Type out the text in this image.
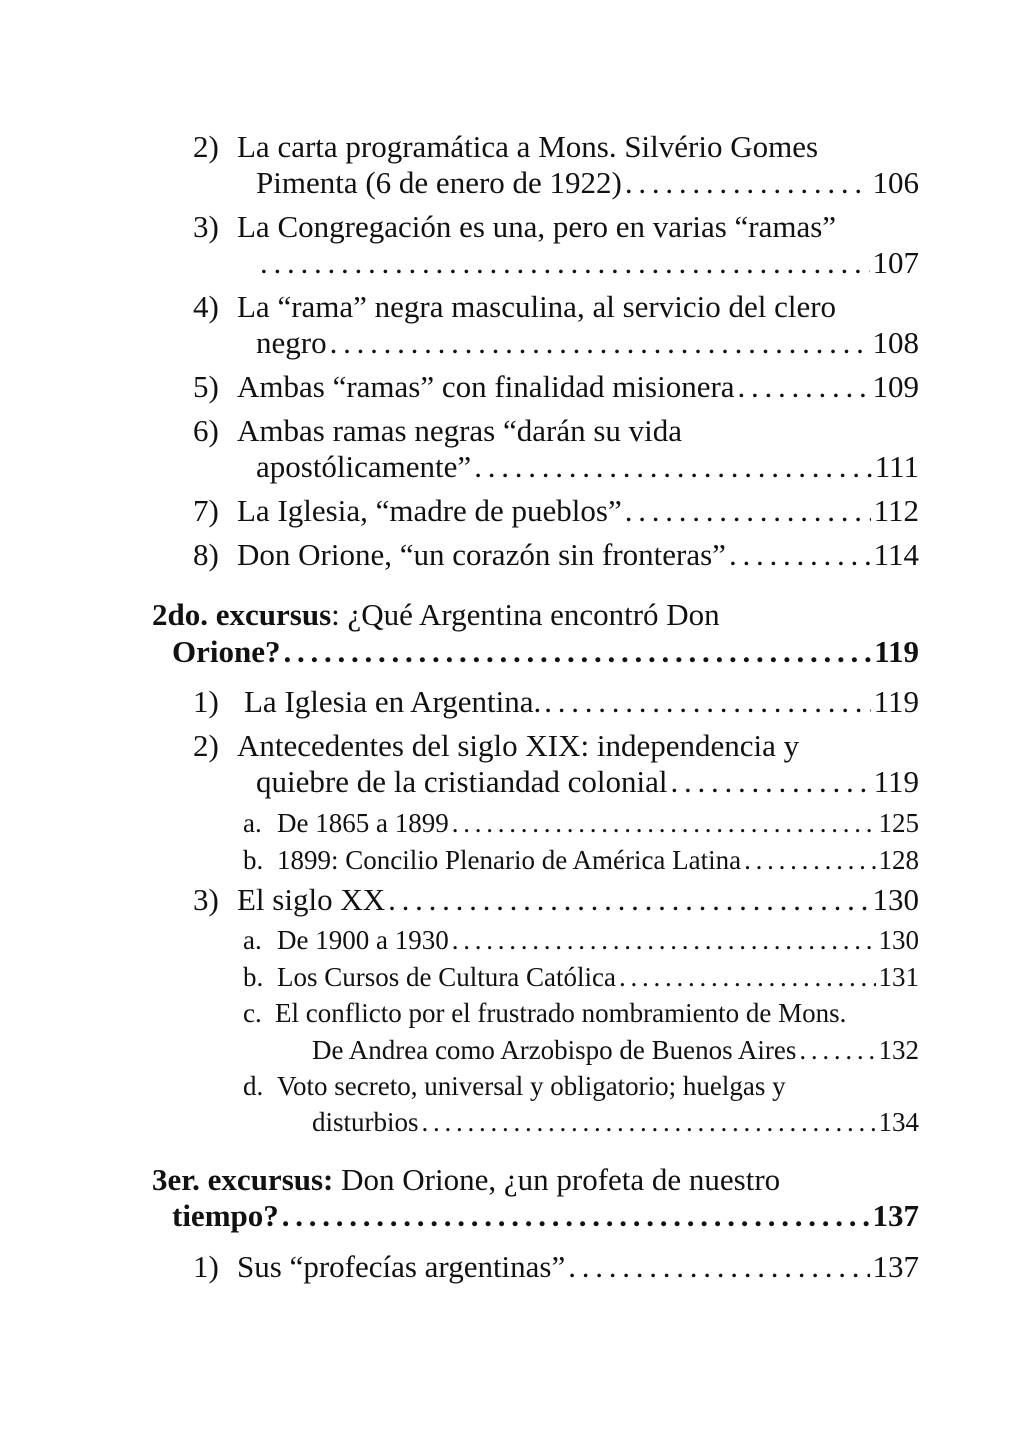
2) La carta programática a Mons. Silvério Gomes
Pimenta (6 de enero de 1922) . . .	106
3) La Congregación es una, pero en varias “ramas”
. . .
107
4) La “rama” negra masculina, al servicio del clero
negro . . .	108
5) Ambas “ramas” con finalidad misionera . . .	109
6) Ambas ramas negras “darán su vida
apostólicamente” . . .	111
7) La Iglesia, “madre de pueblos” . . .	112
8) Don Orione, “un corazón sin fronteras” . . .	114
2do. excursus : ¿Qué Argentina encontró Don
Orione? . . .	119
1) La Iglesia en Argentina. . . .	119
2) Antecedentes del siglo XIX: independencia y
quiebre de la cristiandad colonial . . .	119
a. De 1865 a 1899 . . .	125
b. 1899: Concilio Plenario de América Latina . . .	128
3) El siglo XX . . .	130
a. De 1900 a 1930 . . .	130
b. Los Cursos de Cultura Católica . . .	131
c. El conflicto por el frustrado nombramiento de Mons.
De Andrea como Arzobispo de Buenos Aires . . .	132
d. Voto secreto, universal y obligatorio; huelgas y
disturbios . . .	134
3er. excursus: Don Orione, ¿un profeta de nuestro
tiempo? . . .	137
1) Sus “profecías argentinas” . . .	137
